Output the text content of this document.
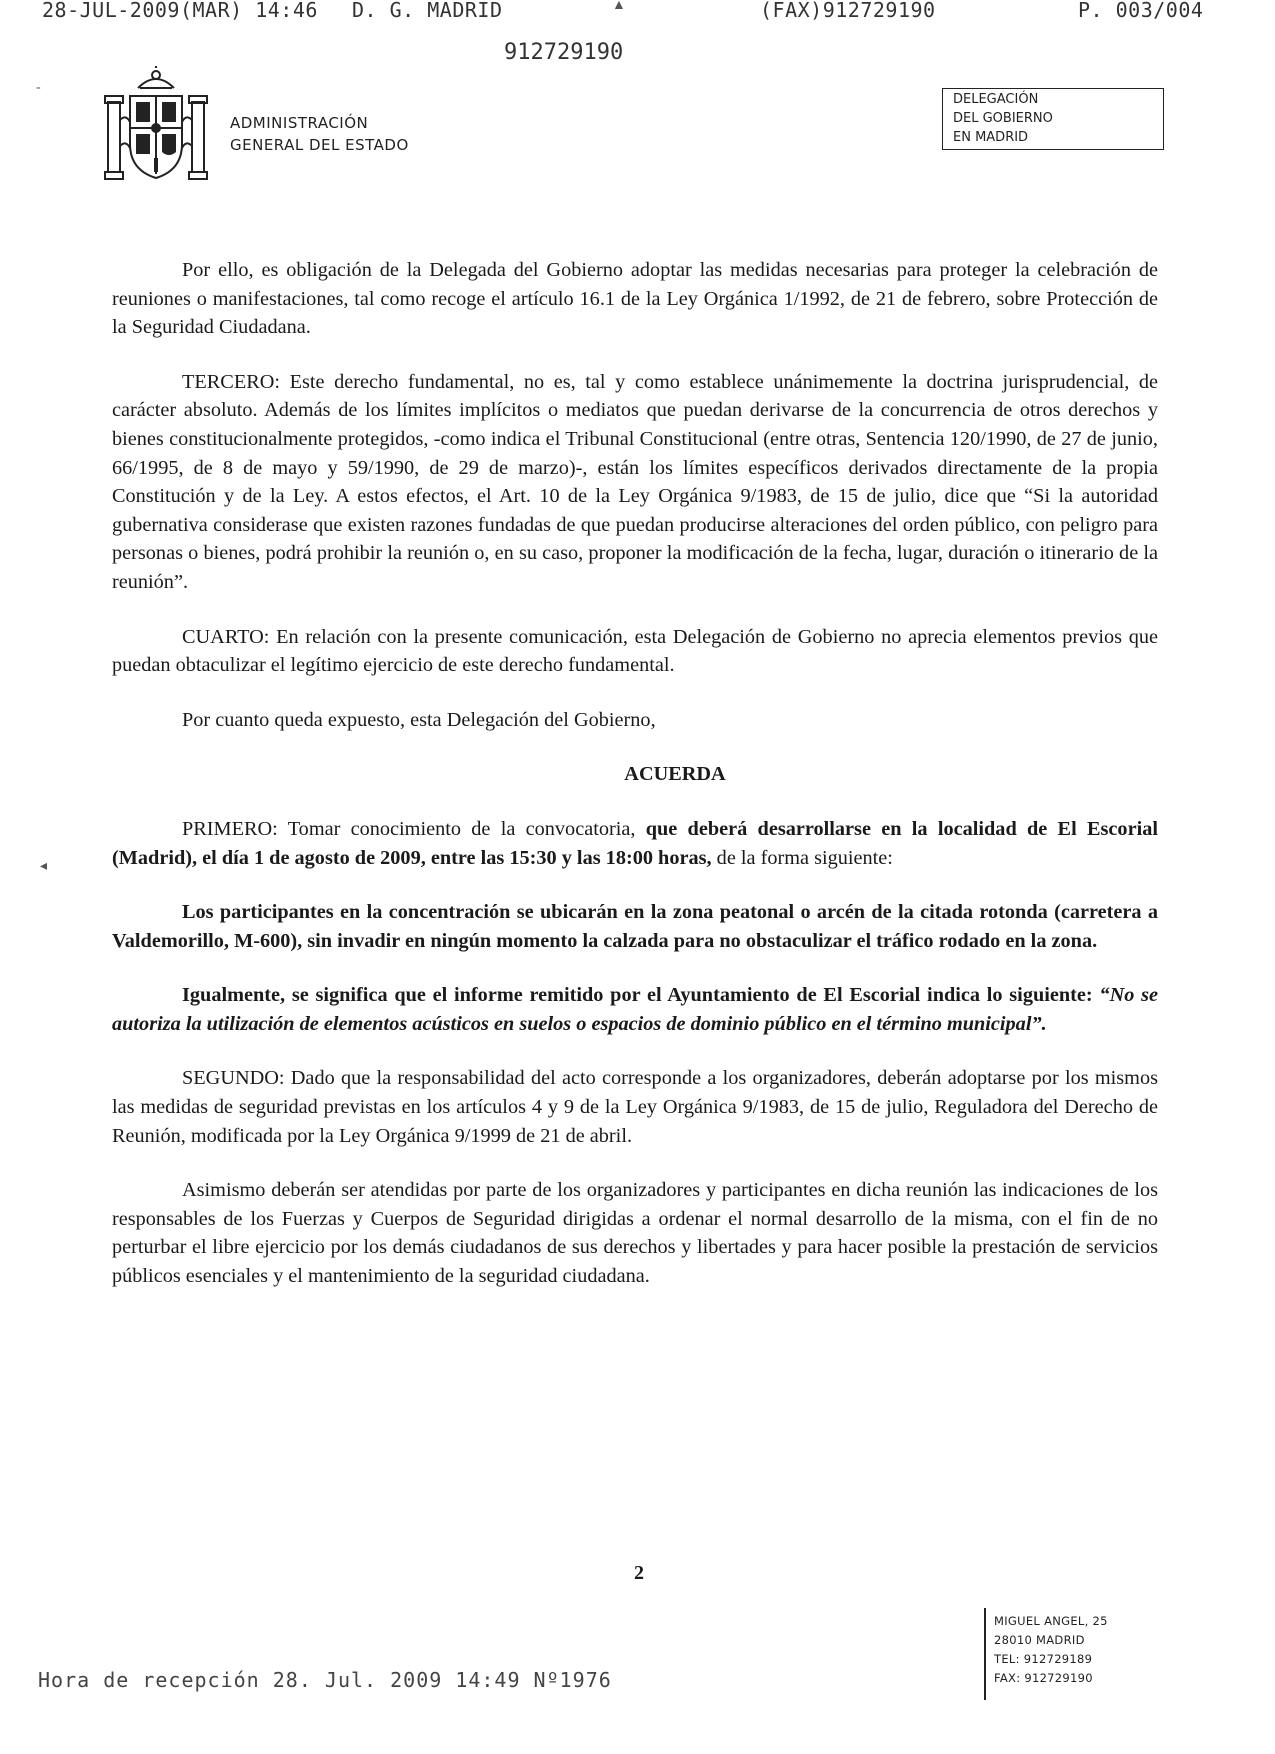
28-JUL-2009(MAR) 14:46 D. G. MADRID	(FAX)912729190	P. 003/004
▲
912729190
ADMINISTRACIÓN
GENERAL DEL ESTADO
DELEGACIÓN
DEL GOBIERNO
EN MADRID
-

Por ello, es obligación de la Delegada del Gobierno adoptar las medidas necesarias para proteger la celebración de reuniones o manifestaciones, tal como recoge el artículo 16.1 de la Ley Orgánica 1/1992, de 21 de febrero, sobre Protección de la Seguridad Ciudadana.

TERCERO: Este derecho fundamental, no es, tal y como establece unánimemente la doctrina jurisprudencial, de carácter absoluto. Además de los límites implícitos o mediatos que puedan derivarse de la concurrencia de otros derechos y bienes constitucionalmente protegidos, -como indica el Tribunal Constitucional (entre otras, Sentencia 120/1990, de 27 de junio, 66/1995, de 8 de mayo y 59/1990, de 29 de marzo)-, están los límites específicos derivados directamente de la propia Constitución y de la Ley. A estos efectos, el Art. 10 de la Ley Orgánica 9/1983, de 15 de julio, dice que “Si la autoridad gubernativa considerase que existen razones fundadas de que puedan producirse alteraciones del orden público, con peligro para personas o bienes, podrá prohibir la reunión o, en su caso, proponer la modificación de la fecha, lugar, duración o itinerario de la reunión”.

CUARTO: En relación con la presente comunicación, esta Delegación de Gobierno no aprecia elementos previos que puedan obtaculizar el legítimo ejercicio de este derecho fundamental.

Por cuanto queda expuesto, esta Delegación del Gobierno,

ACUERDA

PRIMERO: Tomar conocimiento de la convocatoria, que deberá desarrollarse en la localidad de El Escorial (Madrid), el día 1 de agosto de 2009, entre las 15:30 y las 18:00 horas, de la forma siguiente:

Los participantes en la concentración se ubicarán en la zona peatonal o arcén de la citada rotonda (carretera a Valdemorillo, M-600), sin invadir en ningún momento la calzada para no obstaculizar el tráfico rodado en la zona.

Igualmente, se significa que el informe remitido por el Ayuntamiento de El Escorial indica lo siguiente: “No se autoriza la utilización de elementos acústicos en suelos o espacios de dominio público en el término municipal”.

SEGUNDO: Dado que la responsabilidad del acto corresponde a los organizadores, deberán adoptarse por los mismos las medidas de seguridad previstas en los artículos 4 y 9 de la Ley Orgánica 9/1983, de 15 de julio, Reguladora del Derecho de Reunión, modificada por la Ley Orgánica 9/1999 de 21 de abril.

Asimismo deberán ser atendidas por parte de los organizadores y participantes en dicha reunión las indicaciones de los responsables de los Fuerzas y Cuerpos de Seguridad dirigidas a ordenar el normal desarrollo de la misma, con el fin de no perturbar el libre ejercicio por los demás ciudadanos de sus derechos y libertades y para hacer posible la prestación de servicios públicos esenciales y el mantenimiento de la seguridad ciudadana.

◂
2
MIGUEL ANGEL, 25
28010 MADRID
TEL: 912729189
FAX: 912729190
Hora de recepción 28. Jul. 2009 14:49 Nº1976
